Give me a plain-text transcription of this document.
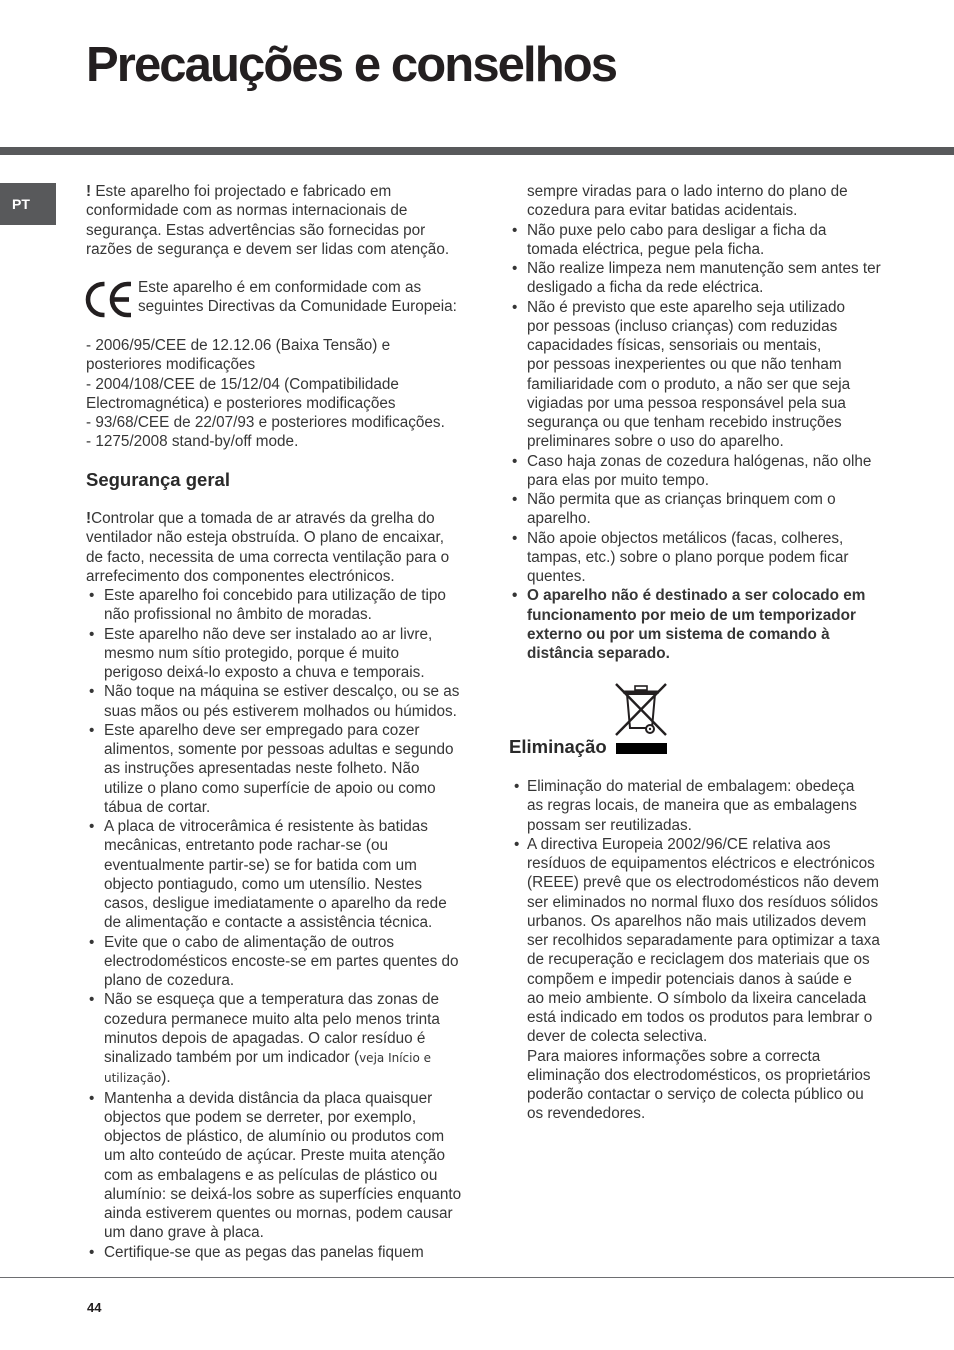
Precauções e conselhos
PT
! Este aparelho foi projectado e fabricado em
conformidade com as normas internacionais de
segurança. Estas advertências são fornecidas por
razões de segurança e devem ser lidas com atenção.
Este aparelho é em conformidade com as
seguintes Directivas da Comunidade Europeia:
- 2006/95/CEE de 12.12.06 (Baixa Tensão) e
posteriores modificações
- 2004/108/CEE de 15/12/04 (Compatibilidade
Electromagnética) e posteriores modificações
- 93/68/CEE de 22/07/93 e posteriores modificações.
- 1275/2008 stand-by/off mode.
Segurança geral
!Controlar que a tomada de ar através da grelha do
ventilador não esteja obstruída. O plano de encaixar,
de facto, necessita de uma correcta ventilação para o
arrefecimento dos componentes electrónicos.
• Este aparelho foi concebido para utilização de tipo
não profissional no âmbito de moradas.
• Este aparelho não deve ser instalado ao ar livre,
mesmo num sítio protegido, porque é muito
perigoso deixá-lo exposto a chuva e temporais.
• Não toque na máquina se estiver descalço, ou se as
suas mãos ou pés estiverem molhados ou húmidos.
• Este aparelho deve ser empregado para cozer
alimentos, somente por pessoas adultas e segundo
as instruções apresentadas neste folheto. Não
utilize o plano como superfície de apoio ou como
tábua de cortar.
• A placa de vitrocerâmica é resistente às batidas
mecânicas, entretanto pode rachar-se (ou
eventualmente partir-se) se for batida com um
objecto pontiagudo, como um utensílio. Nestes
casos, desligue imediatamente o aparelho da rede
de alimentação e contacte a assistência técnica.
• Evite que o cabo de alimentação de outros
electrodomésticos encoste-se em partes quentes do
plano de cozedura.
• Não se esqueça que a temperatura das zonas de
cozedura permanece muito alta pelo menos trinta
minutos depois de apagadas. O calor resíduo é
sinalizado também por um indicador (veja Início e
utilização).
• Mantenha a devida distância da placa quaisquer
objectos que podem se derreter, por exemplo,
objectos de plástico, de alumínio ou produtos com
um alto conteúdo de açúcar. Preste muita atenção
com as embalagens e as películas de plástico ou
alumínio: se deixá-los sobre as superfícies enquanto
ainda estiverem quentes ou mornas, podem causar
um dano grave à placa.
• Certifique-se que as pegas das panelas fiquem
sempre viradas para o lado interno do plano de
cozedura para evitar batidas acidentais.
• Não puxe pelo cabo para desligar a ficha da
tomada eléctrica, pegue pela ficha.
• Não realize limpeza nem manutenção sem antes ter
desligado a ficha da rede eléctrica.
• Não é previsto que este aparelho seja utilizado
por pessoas (incluso crianças) com reduzidas
capacidades físicas, sensoriais ou mentais,
por pessoas inexperientes ou que não tenham
familiaridade com o produto, a não ser que seja
vigiadas por uma pessoa responsável pela sua
segurança ou que tenham recebido instruções
preliminares sobre o uso do aparelho.
• Caso haja zonas de cozedura halógenas, não olhe
para elas por muito tempo.
• Não permita que as crianças brinquem com o
aparelho.
• Não apoie objectos metálicos (facas, colheres,
tampas, etc.) sobre o plano porque podem ficar
quentes.
• O aparelho não é destinado a ser colocado em
funcionamento por meio de um temporizador
externo ou por um sistema de comando à
distância separado.
Eliminação
• Eliminação do material de embalagem: obedeça
as regras locais, de maneira que as embalagens
possam ser reutilizadas.
• A directiva Europeia 2002/96/CE relativa aos
resíduos de equipamentos eléctricos e electrónicos
(REEE) prevê que os electrodomésticos não devem
ser eliminados no normal fluxo dos resíduos sólidos
urbanos. Os aparelhos não mais utilizados devem
ser recolhidos separadamente para optimizar a taxa
de recuperação e reciclagem dos materiais que os
compõem e impedir potenciais danos à saúde e
ao meio ambiente. O símbolo da lixeira cancelada
está indicado em todos os produtos para lembrar o
dever de colecta selectiva.
Para maiores informações sobre a correcta
eliminação dos electrodomésticos, os proprietários
poderão contactar o serviço de colecta público ou
os revendedores.
44
